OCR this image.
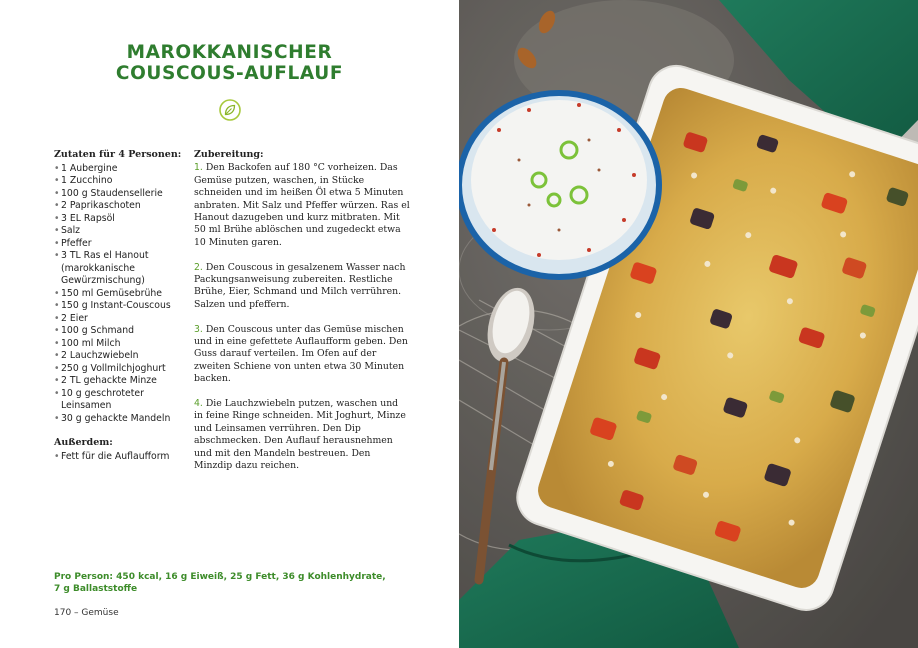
MAROKKANISCHER
COUSCOUS-AUFLAUF
Zutaten für 4 Personen:
• 1 Aubergine
• 1 Zucchino
• 100 g Staudensellerie
• 2 Paprikaschoten
• 3 EL Rapsöl
• Salz
• Pfeffer
• 3 TL Ras el Hanout (marokkanische Gewürzmischung)
• 150 ml Gemüsebrühe
• 150 g Instant-Couscous
• 2 Eier
• 100 g Schmand
• 100 ml Milch
• 2 Lauchzwiebeln
• 250 g Vollmilchjoghurt
• 2 TL gehackte Minze
• 10 g geschroteter Leinsamen
• 30 g gehackte Mandeln
Außerdem:
• Fett für die Auflaufform
Zubereitung:

1. Den Backofen auf 180 °C vorheizen. Das Gemüse putzen, waschen, in Stücke schneiden und im heißen Öl etwa 5 Minuten anbraten. Mit Salz und Pfeffer würzen. Ras el Hanout dazugeben und kurz mitbraten. Mit 50 ml Brühe ablöschen und zugedeckt etwa 10 Minuten garen.

2. Den Couscous in gesalzenem Wasser nach Packungsanweisung zubereiten. Restliche Brühe, Eier, Schmand und Milch verrühren. Salzen und pfeffern.

3. Den Couscous unter das Gemüse mischen und in eine gefettete Auflaufform geben. Den Guss darauf verteilen. Im Ofen auf der zweiten Schiene von unten etwa 30 Minuten backen.

4. Die Lauchzwiebeln putzen, waschen und in feine Ringe schneiden. Mit Joghurt, Minze und Leinsamen verrühren. Den Dip abschmecken. Den Auflauf herausnehmen und mit den Mandeln bestreuen. Den Minzdip dazu reichen.

Pro Person: 450 kcal, 16 g Eiweiß, 25 g Fett, 36 g Kohlenhydrate,
7 g Ballaststoffe
170 – Gemüse
